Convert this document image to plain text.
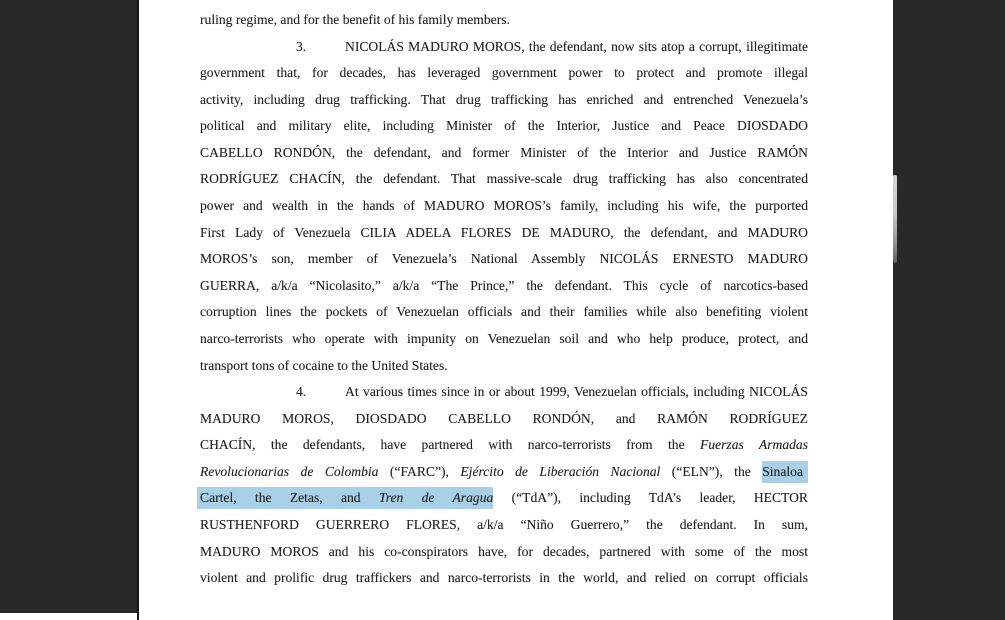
ruling regime, and for the benefit of his family members.
3.	NICOLÁS MADURO MOROS, the defendant, now sits atop a corrupt, illegitimate
government that, for decades, has leveraged government power to protect and promote illegal
activity, including drug trafficking. That drug trafficking has enriched and entrenched Venezuela’s
political and military elite, including Minister of the Interior, Justice and Peace DIOSDADO
CABELLO RONDÓN, the defendant, and former Minister of the Interior and Justice RAMÓN
RODRÍGUEZ CHACÍN, the defendant. That massive-scale drug trafficking has also concentrated
power and wealth in the hands of MADURO MOROS’s family, including his wife, the purported
First Lady of Venezuela CILIA ADELA FLORES DE MADURO, the defendant, and MADURO
MOROS’s son, member of Venezuela’s National Assembly NICOLÁS ERNESTO MADURO
GUERRA, a/k/a “Nicolasito,” a/k/a “The Prince,” the defendant. This cycle of narcotics-based
corruption lines the pockets of Venezuelan officials and their families while also benefiting violent
narco-terrorists who operate with impunity on Venezuelan soil and who help produce, protect, and
transport tons of cocaine to the United States.
4.	At various times since in or about 1999, Venezuelan officials, including NICOLÁS
MADURO MOROS, DIOSDADO CABELLO RONDÓN, and RAMÓN RODRÍGUEZ
CHACÍN, the defendants, have partnered with narco-terrorists from the Fuerzas Armadas
Revolucionarias de Colombia (“FARC”), Ejército de Liberación Nacional (“ELN”), the Sinaloa
Cartel, the Zetas, and Tren de Aragua (“TdA”), including TdA’s leader, HECTOR
RUSTHENFORD GUERRERO FLORES, a/k/a “Niño Guerrero,” the defendant. In sum,
MADURO MOROS and his co-conspirators have, for decades, partnered with some of the most
violent and prolific drug traffickers and narco-terrorists in the world, and relied on corrupt officials
